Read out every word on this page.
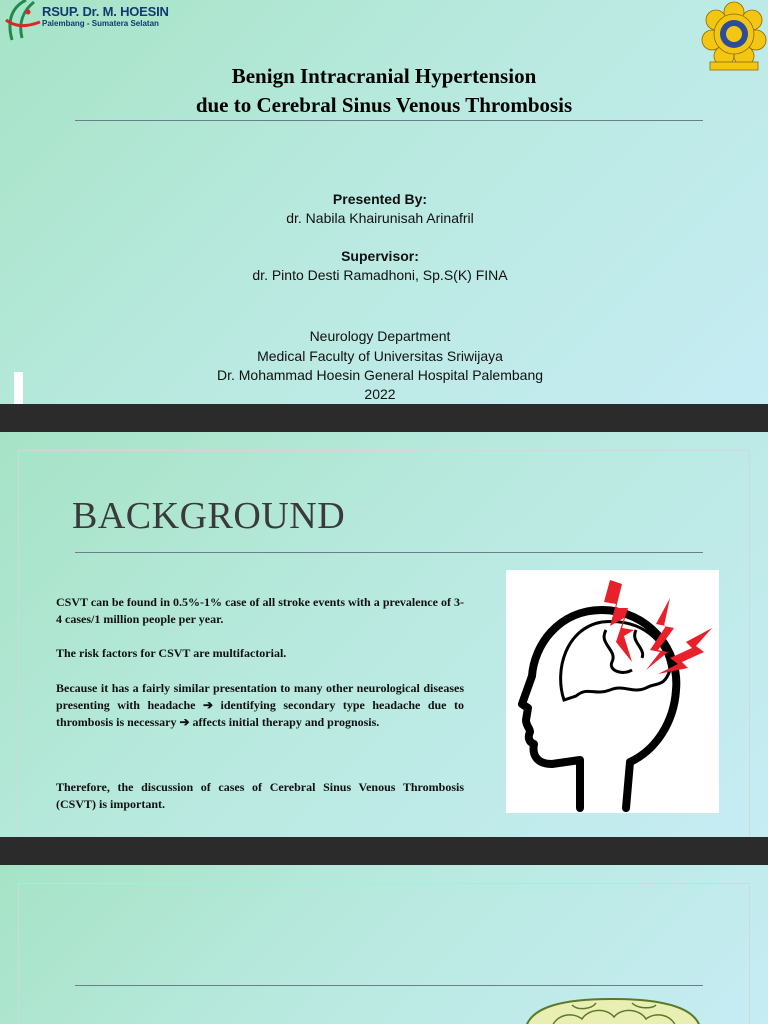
RSUP. Dr. M. HOESIN
Palembang - Sumatera Selatan
Benign Intracranial Hypertension
due to Cerebral Sinus Venous Thrombosis
Presented By:
dr. Nabila Khairunisah Arinafril
Supervisor:
dr. Pinto Desti Ramadhoni, Sp.S(K) FINA
Neurology Department
Medical Faculty of Universitas Sriwijaya
Dr. Mohammad Hoesin General Hospital Palembang
2022
BACKGROUND

CSVT can be found in 0.5%-1% case of all stroke events with a prevalence of 3-4 cases/1 million people per year.

The risk factors for CSVT are multifactorial.

Because it has a fairly similar presentation to many other neurological diseases presenting with headache ➔ identifying secondary type headache due to thrombosis is necessary ➔ affects initial therapy and prognosis.

Therefore, the discussion of cases of Cerebral Sinus Venous Thrombosis (CSVT) is important.
